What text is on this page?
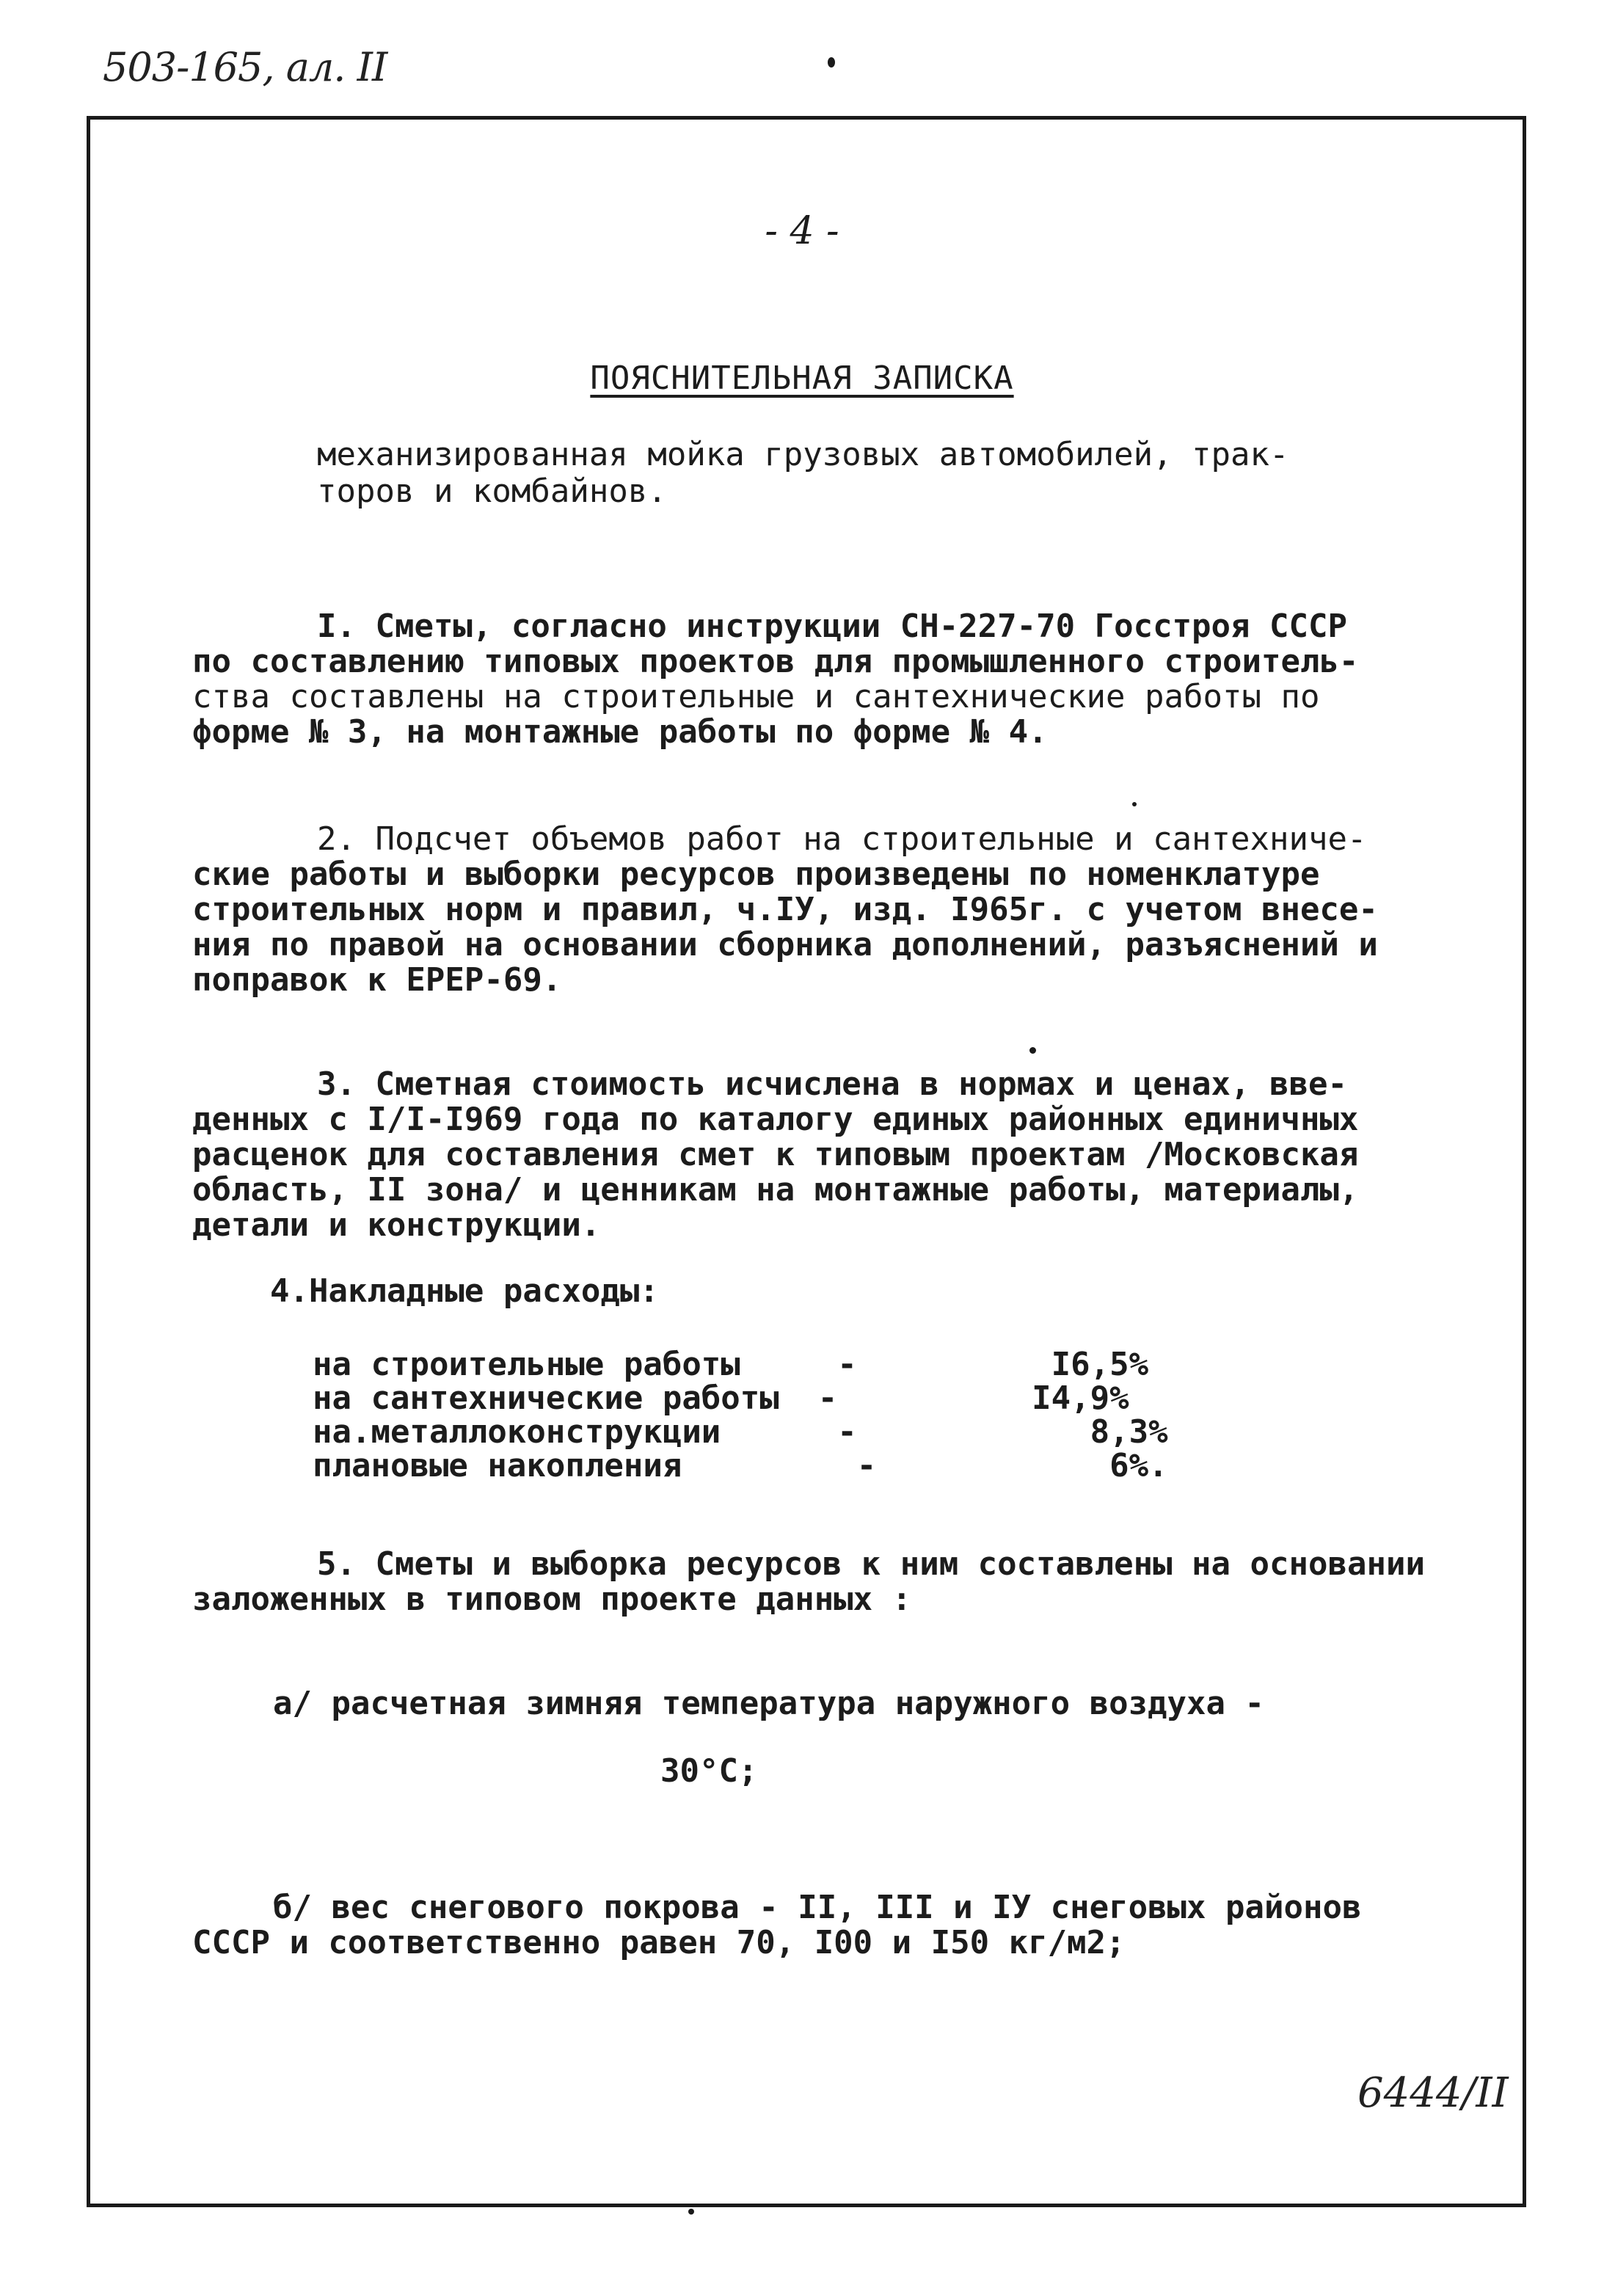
503-165, ал. II
- 4 -
ПОЯСНИТЕЛЬНАЯ ЗАПИСКА
механизированная мойка грузовых автомобилей, трак-
торов и комбайнов.
I. Сметы, согласно инструкции СН-227-70 Госстроя СССР
по составлению типовых проектов для промышленного строитель-
ства составлены на строительные и сантехнические работы по
форме № 3, на монтажные работы по форме № 4.
2. Подсчет объемов работ на строительные и сантехниче-
ские работы и выборки ресурсов произведены по номенклатуре
строительных норм и правил, ч.IУ, изд. I965г. с учетом внесе-
ния по правой на основании сборника дополнений, разъяснений и
поправок к ЕРЕР-69.
3. Сметная стоимость исчислена в нормах и ценах, вве-
денных с I/I-I969 года по каталогу единых районных единичных
расценок для составления смет к типовым проектам /Московская
область, II зона/ и ценникам на монтажные работы, материалы,
детали и конструкции.
4.Накладные расходы:
на строительные работы     -          I6,5%
на сантехнические работы  -          I4,9%
на.металлоконструкции      -            8,3%
плановые накопления         -            6%.
5. Сметы и выборка ресурсов к ним составлены на основании
заложенных в типовом проекте данных :
а/ расчетная зимняя температура наружного воздуха -
30°С;
б/ вес снегового покрова - II, III и IУ снеговых районов
СССР и соответственно равен 70, I00 и I50 кг/м2;
6444/II
